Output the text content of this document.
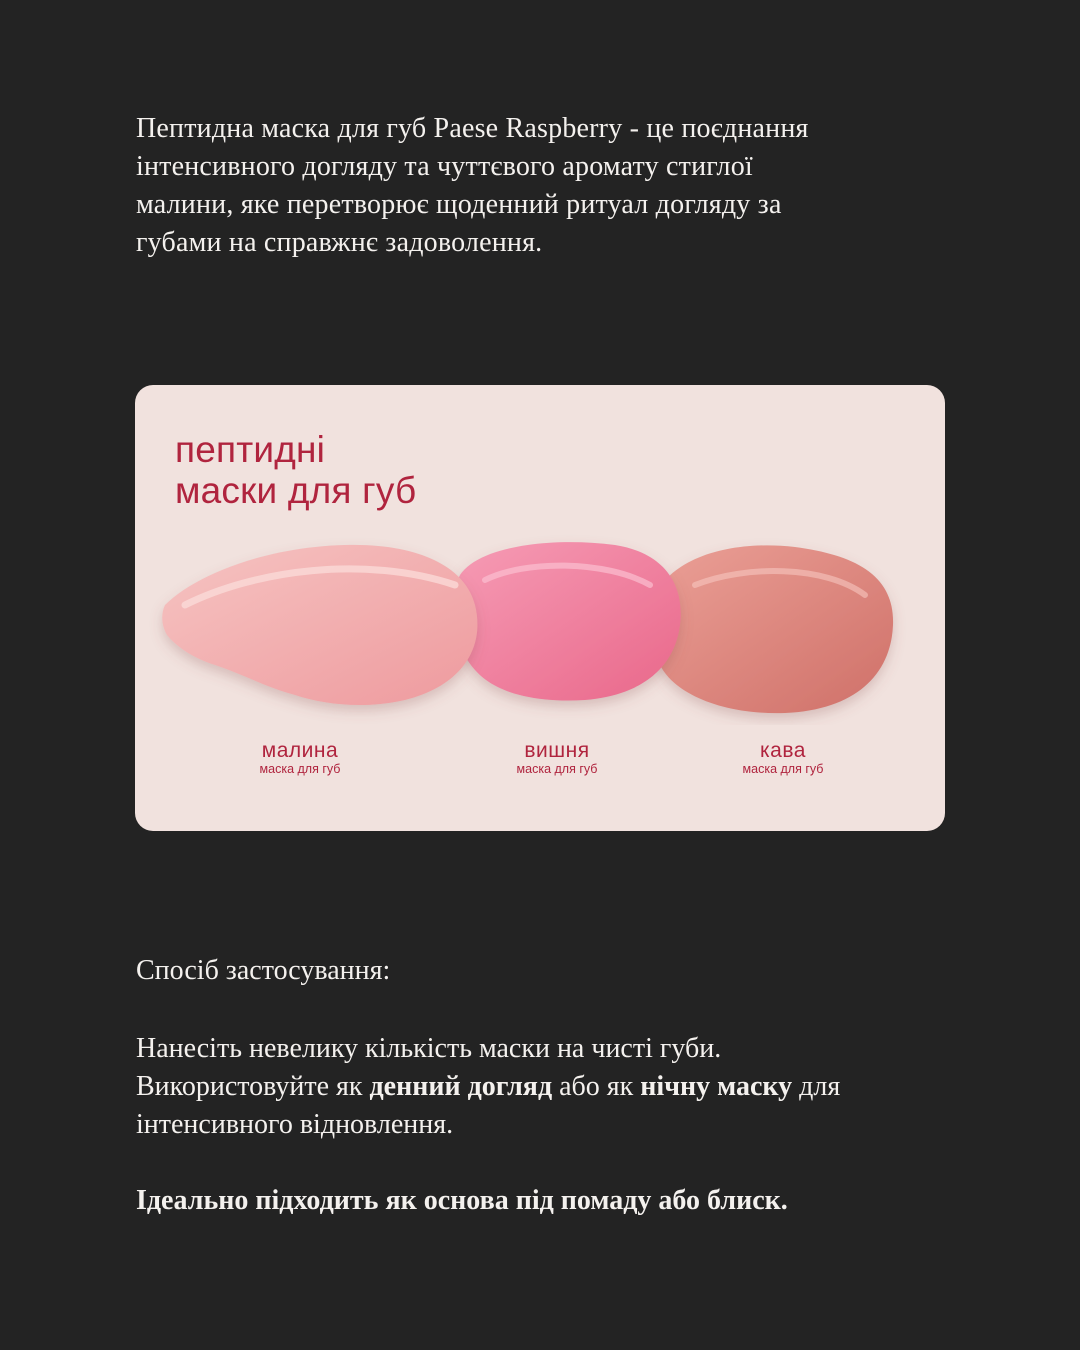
Пептидна маска для губ Paese Raspberry - це поєднання
інтенсивного догляду та чуттєвого аромату стиглої
малини, яке перетворює щоденний ритуал догляду за
губами на справжнє задоволення.

пептидні
маски для губ
малина
маска для губ
вишня
маска для губ
кава
маска для губ
Спосіб застосування:

Нанесіть невелику кількість маски на чисті губи.
Використовуйте як денний догляд або як нічну маску для
інтенсивного відновлення.

Ідеально підходить як основа під помаду або блиск.
